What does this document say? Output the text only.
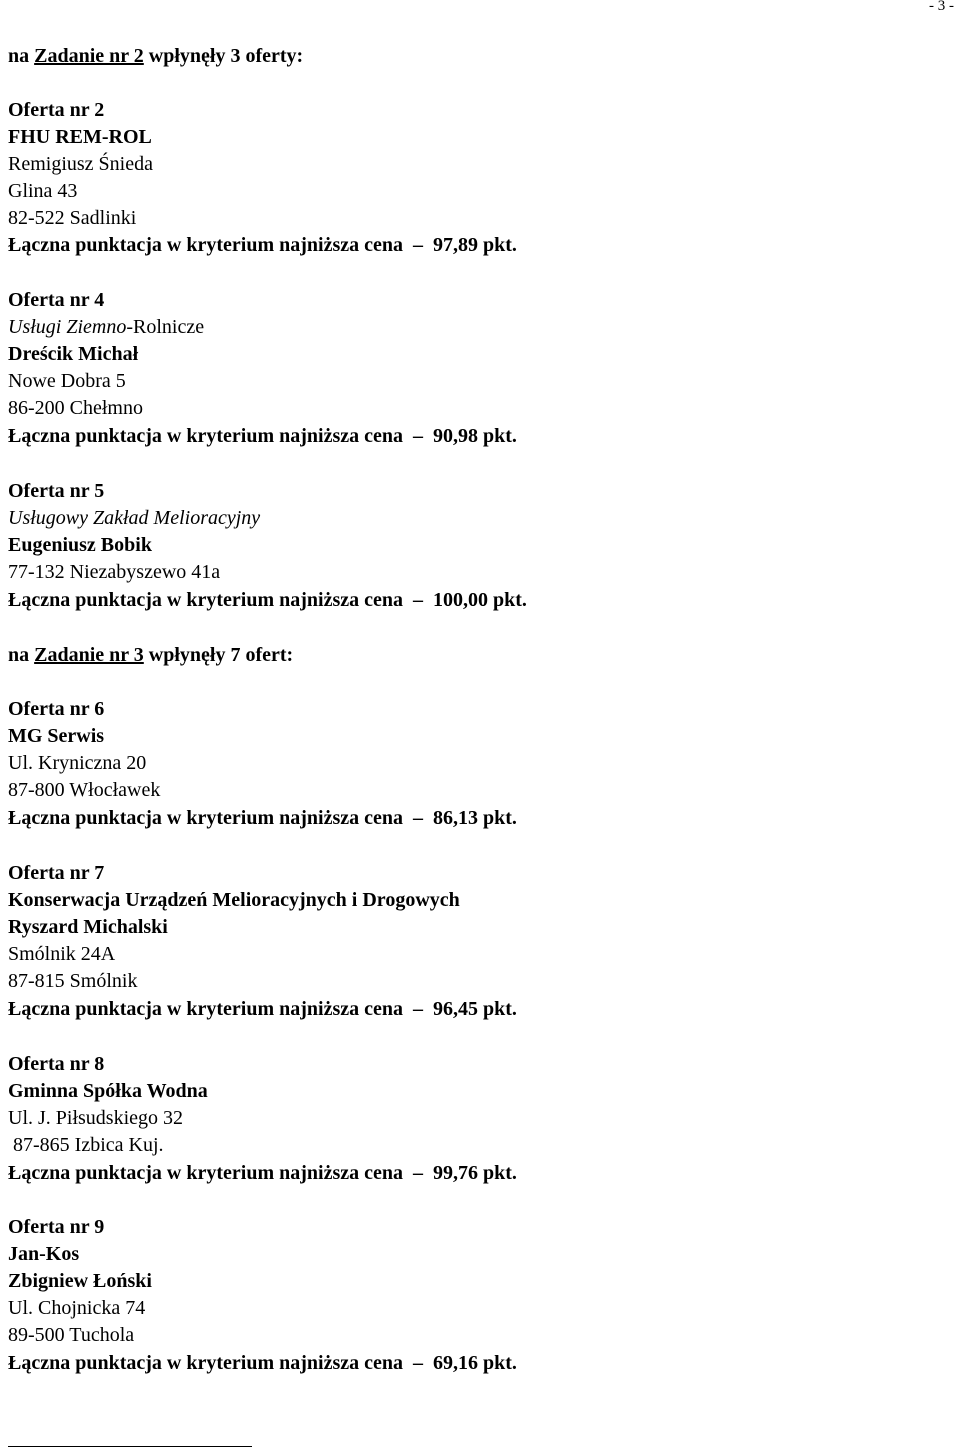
- 3 -
na Zadanie nr 2 wpłynęły 3 oferty:
Oferta nr 2
FHU REM-ROL
Remigiusz Śnieda
Glina 43
82-522 Sadlinki
Łączna punktacja w kryterium najniższa cena  –  97,89 pkt.
Oferta nr 4
Usługi Ziemno-Rolnicze
Dreścik Michał
Nowe Dobra 5
86-200 Chełmno
Łączna punktacja w kryterium najniższa cena  –  90,98 pkt.
Oferta nr 5
Usługowy Zakład Melioracyjny
Eugeniusz Bobik
77-132 Niezabyszewo 41a
Łączna punktacja w kryterium najniższa cena  –  100,00 pkt.
na Zadanie nr 3 wpłynęły 7 ofert:
Oferta nr 6
MG Serwis
Ul. Kryniczna 20
87-800 Włocławek
Łączna punktacja w kryterium najniższa cena  –  86,13 pkt.
Oferta nr 7
Konserwacja Urządzeń Melioracyjnych i Drogowych
Ryszard Michalski
Smólnik 24A
87-815 Smólnik
Łączna punktacja w kryterium najniższa cena  –  96,45 pkt.
Oferta nr 8
Gminna Spółka Wodna
Ul. J. Piłsudskiego 32
87-865 Izbica Kuj.
Łączna punktacja w kryterium najniższa cena  –  99,76 pkt.
Oferta nr 9
Jan-Kos
Zbigniew Łoński
Ul. Chojnicka 74
89-500 Tuchola
Łączna punktacja w kryterium najniższa cena  –  69,16 pkt.
